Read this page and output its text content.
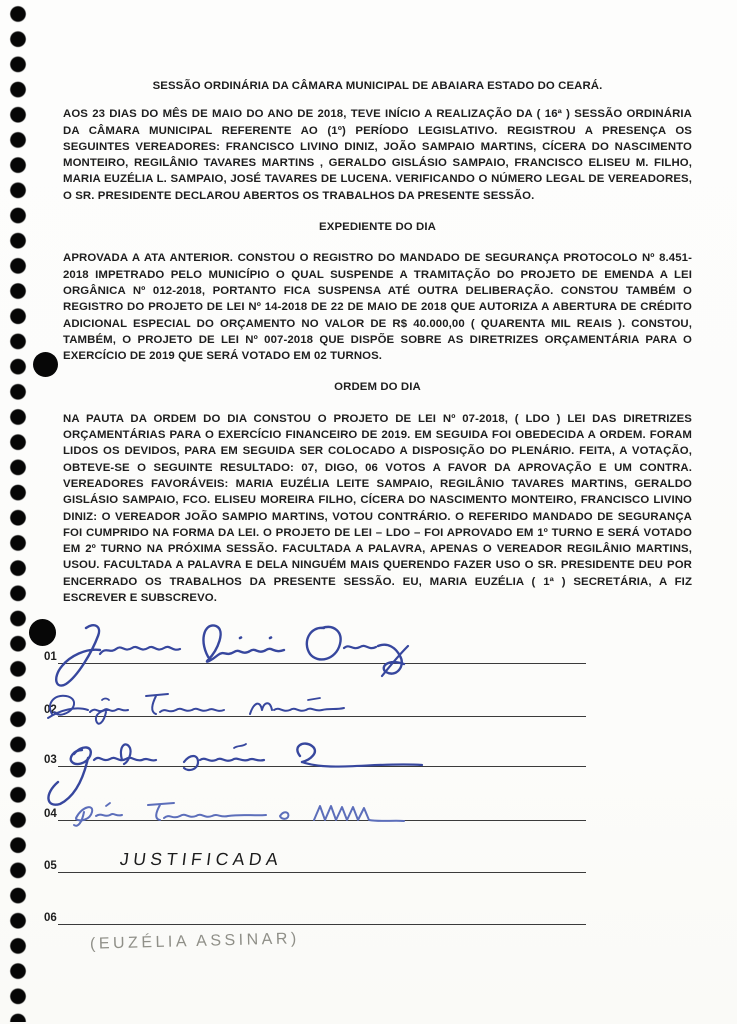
SESSÃO ORDINÁRIA DA CÂMARA MUNICIPAL DE ABAIARA ESTADO DO CEARÁ.

AOS 23 DIAS DO MÊS DE MAIO DO ANO DE 2018, TEVE INÍCIO A REALIZAÇÃO DA ( 16ª ) SESSÃO ORDINÁRIA DA CÂMARA MUNICIPAL REFERENTE AO (1º) PERÍODO LEGISLATIVO. REGISTROU A PRESENÇA OS SEGUINTES VEREADORES: FRANCISCO LIVINO DINIZ, JOÃO SAMPAIO MARTINS, CÍCERA DO NASCIMENTO MONTEIRO, REGILÂNIO TAVARES MARTINS , GERALDO GISLÁSIO SAMPAIO, FRANCISCO ELISEU M. FILHO, MARIA EUZÉLIA L. SAMPAIO, JOSÉ TAVARES DE LUCENA. VERIFICANDO O NÚMERO LEGAL DE VEREADORES, O SR. PRESIDENTE DECLAROU ABERTOS OS TRABALHOS DA PRESENTE SESSÃO.

EXPEDIENTE DO DIA

APROVADA A ATA ANTERIOR. CONSTOU O REGISTRO DO MANDADO DE SEGURANÇA PROTOCOLO Nº 8.451-2018 IMPETRADO PELO MUNICÍPIO O QUAL SUSPENDE A TRAMITAÇÃO DO PROJETO DE EMENDA A LEI ORGÂNICA Nº 012-2018, PORTANTO FICA SUSPENSA ATÉ OUTRA DELIBERAÇÃO. CONSTOU TAMBÉM O REGISTRO DO PROJETO DE LEI Nº 14-2018 DE 22 DE MAIO DE 2018 QUE AUTORIZA A ABERTURA DE CRÉDITO ADICIONAL ESPECIAL DO ORÇAMENTO NO VALOR DE R$ 40.000,00 ( QUARENTA MIL REAIS ). CONSTOU, TAMBÉM, O PROJETO DE LEI Nº 007-2018 QUE DISPÕE SOBRE AS DIRETRIZES ORÇAMENTÁRIA PARA O EXERCÍCIO DE 2019 QUE SERÁ VOTADO EM 02 TURNOS.

ORDEM DO DIA

NA PAUTA DA ORDEM DO DIA CONSTOU O PROJETO DE LEI Nº 07-2018, ( LDO ) LEI DAS DIRETRIZES ORÇAMENTÁRIAS PARA O EXERCÍCIO FINANCEIRO DE 2019. EM SEGUIDA FOI OBEDECIDA A ORDEM. FORAM LIDOS OS DEVIDOS, PARA EM SEGUIDA SER COLOCADO A DISPOSIÇÃO DO PLENÁRIO. FEITA, A VOTAÇÃO, OBTEVE-SE O SEGUINTE RESULTADO: 07, DIGO, 06 VOTOS A FAVOR DA APROVAÇÃO E UM CONTRA. VEREADORES FAVORÁVEIS: MARIA EUZÉLIA LEITE SAMPAIO, REGILÂNIO TAVARES MARTINS, GERALDO GISLÁSIO SAMPAIO, FCO. ELISEU MOREIRA FILHO, CÍCERA DO NASCIMENTO MONTEIRO, FRANCISCO LIVINO DINIZ: O VEREADOR JOÃO SAMPIO MARTINS, VOTOU CONTRÁRIO. O REFERIDO MANDADO DE SEGURANÇA FOI CUMPRIDO NA FORMA DA LEI. O PROJETO DE LEI – LDO – FOI APROVADO EM 1º TURNO E SERÁ VOTADO EM 2º TURNO NA PRÓXIMA SESSÃO. FACULTADA A PALAVRA, APENAS O VEREADOR REGILÂNIO MARTINS, USOU. FACULTADA A PALAVRA E DELA NINGUÉM MAIS QUERENDO FAZER USO O SR. PRESIDENTE DEU POR ENCERRADO OS TRABALHOS DA PRESENTE SESSÃO. EU, MARIA EUZÉLIA ( 1ª ) SECRETÁRIA, A FIZ ESCREVER E SUBSCREVO.

01
02
03
04
05
06
JUSTIFICADA
(EUZÉLIA ASSINAR)
